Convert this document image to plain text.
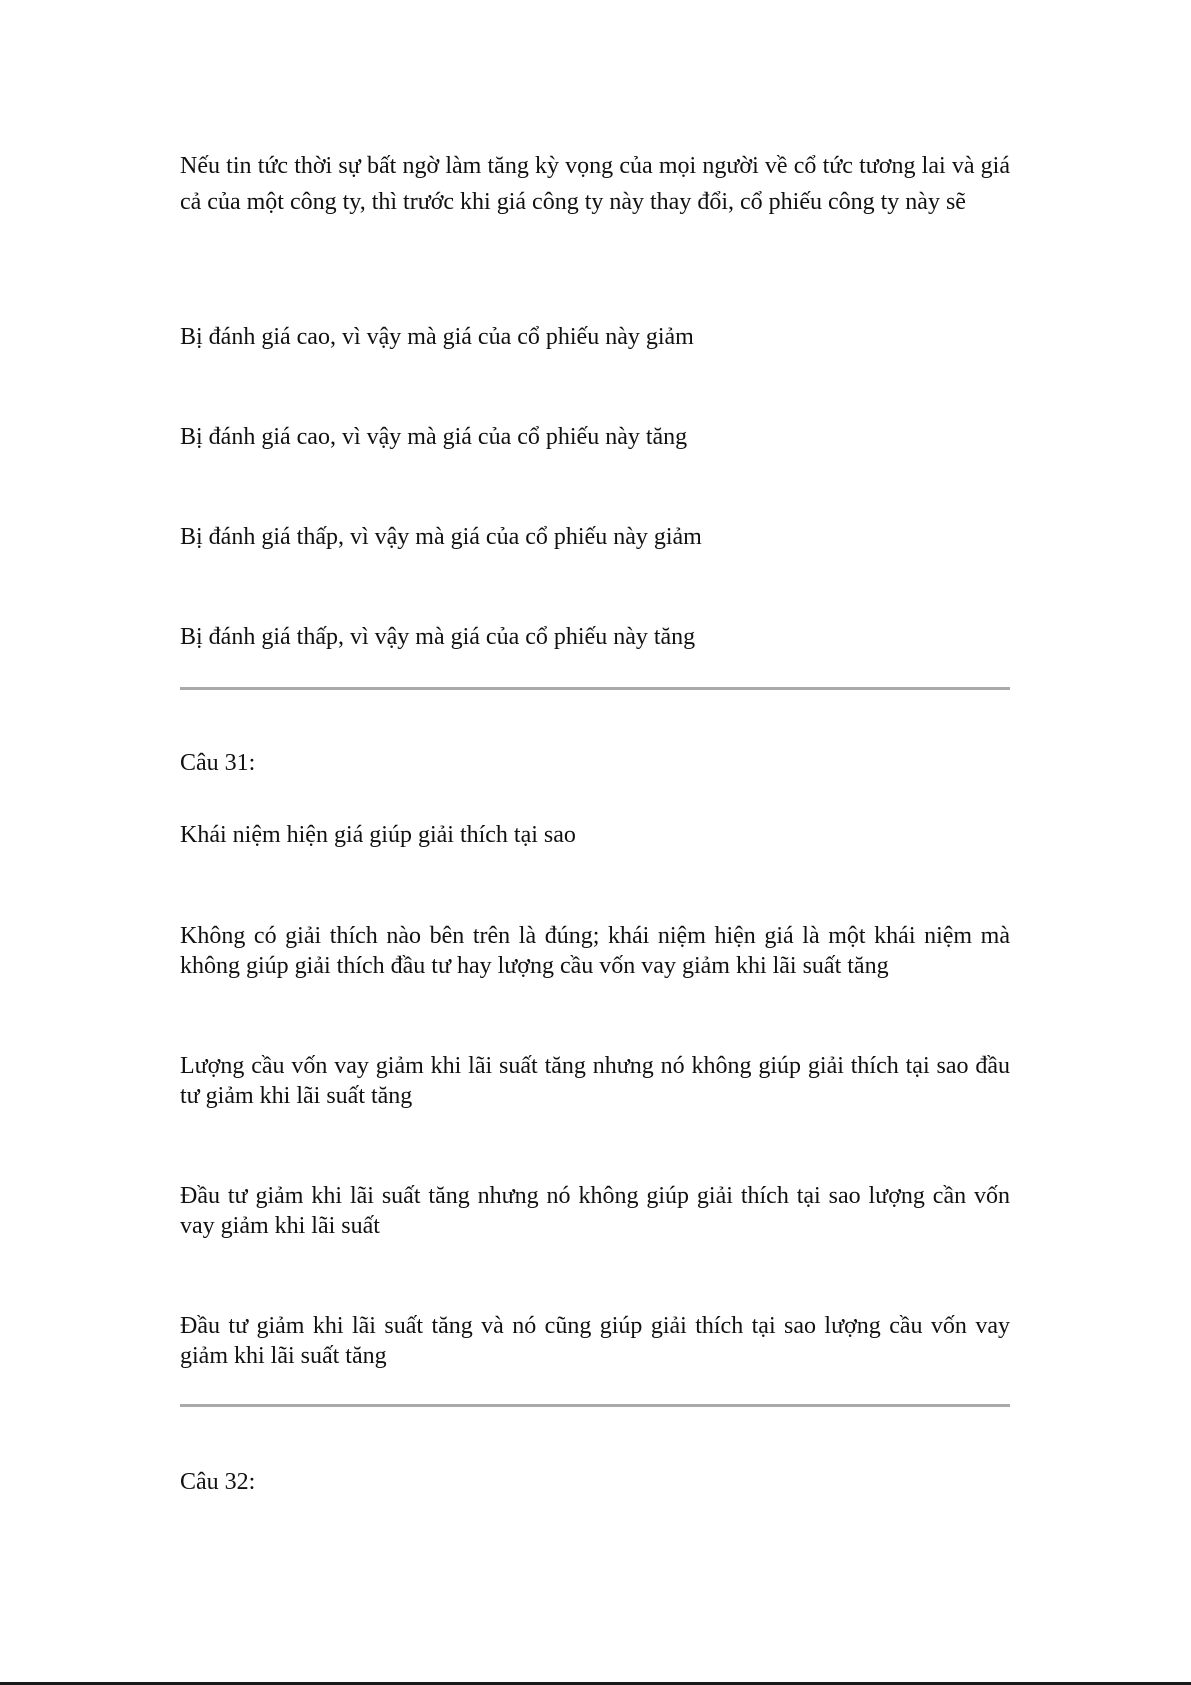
Nếu tin tức thời sự bất ngờ làm tăng kỳ vọng của mọi người về cổ tức tương lai và giá cả của một công ty, thì trước khi giá công ty này thay đổi, cổ phiếu công ty này sẽ

Bị đánh giá cao, vì vậy mà giá của cổ phiếu này giảm

Bị đánh giá cao, vì vậy mà giá của cổ phiếu này tăng

Bị đánh giá thấp, vì vậy mà giá của cổ phiếu này giảm

Bị đánh giá thấp, vì vậy mà giá của cổ phiếu này tăng

Câu 31:

Khái niệm hiện giá giúp giải thích tại sao

Không có giải thích nào bên trên là đúng; khái niệm hiện giá là một khái niệm mà không giúp giải thích đầu tư hay lượng cầu vốn vay giảm khi lãi suất tăng

Lượng cầu vốn vay giảm khi lãi suất tăng nhưng nó không giúp giải thích tại sao đầu tư giảm khi lãi suất tăng

Đầu tư giảm khi lãi suất tăng nhưng nó không giúp giải thích tại sao lượng cần vốn vay giảm khi lãi suất

Đầu tư giảm khi lãi suất tăng và nó cũng giúp giải thích tại sao lượng cầu vốn vay giảm khi lãi suất tăng

Câu 32:
